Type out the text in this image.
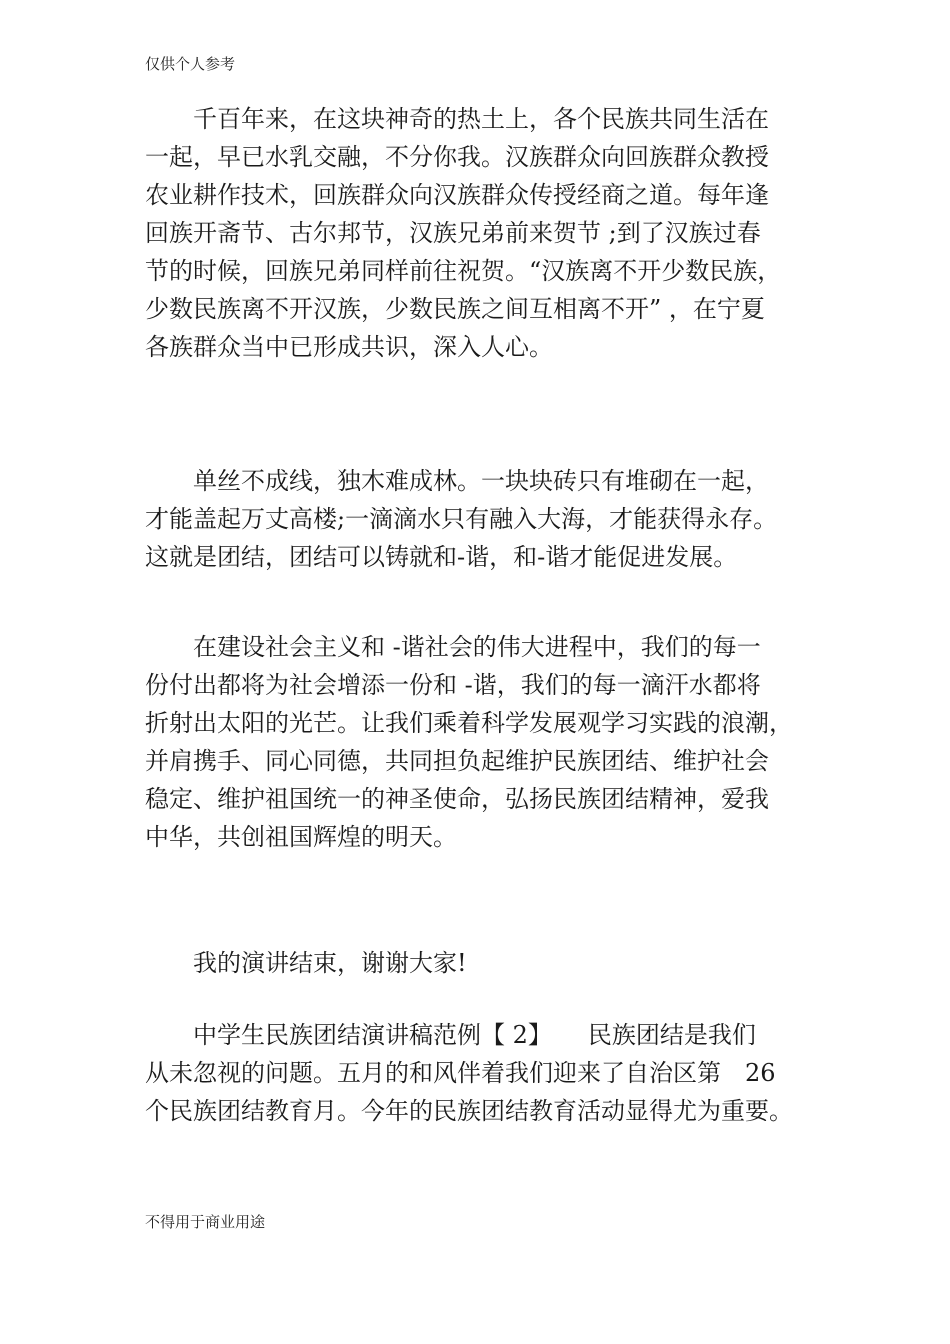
仅供个人参考
千百年来，在这块神奇的热土上，各个民族共同生活在
一起，早已水乳交融，不分你我。汉族群众向回族群众教授
农业耕作技术，回族群众向汉族群众传授经商之道。每年逢
回族开斋节、古尔邦节，汉族兄弟前来贺节 ;到了汉族过春
节的时候，回族兄弟同样前往祝贺。“汉族离不开少数民族，
少数民族离不开汉族，少数民族之间互相离不开” ，在宁夏
各族群众当中已形成共识，深入人心。
单丝不成线，独木难成林。一块块砖只有堆砌在一起，
才能盖起万丈高楼;一滴滴水只有融入大海，才能获得永存。
这就是团结，团结可以铸就和-谐，和-谐才能促进发展。
在建设社会主义和 -谐社会的伟大进程中，我们的每一
份付出都将为社会增添一份和 -谐，我们的每一滴汗水都将
折射出太阳的光芒。让我们乘着科学发展观学习实践的浪潮，
并肩携手、同心同德，共同担负起维护民族团结、维护社会
稳定、维护祖国统一的神圣使命，弘扬民族团结精神，爱我
中华，共创祖国辉煌的明天。
我的演讲结束，谢谢大家!
中学生民族团结演讲稿范例【 2】　　民族团结是我们
从未忽视的问题。五月的和风伴着我们迎来了自治区第　26
个民族团结教育月。今年的民族团结教育活动显得尤为重要。
不得用于商业用途
